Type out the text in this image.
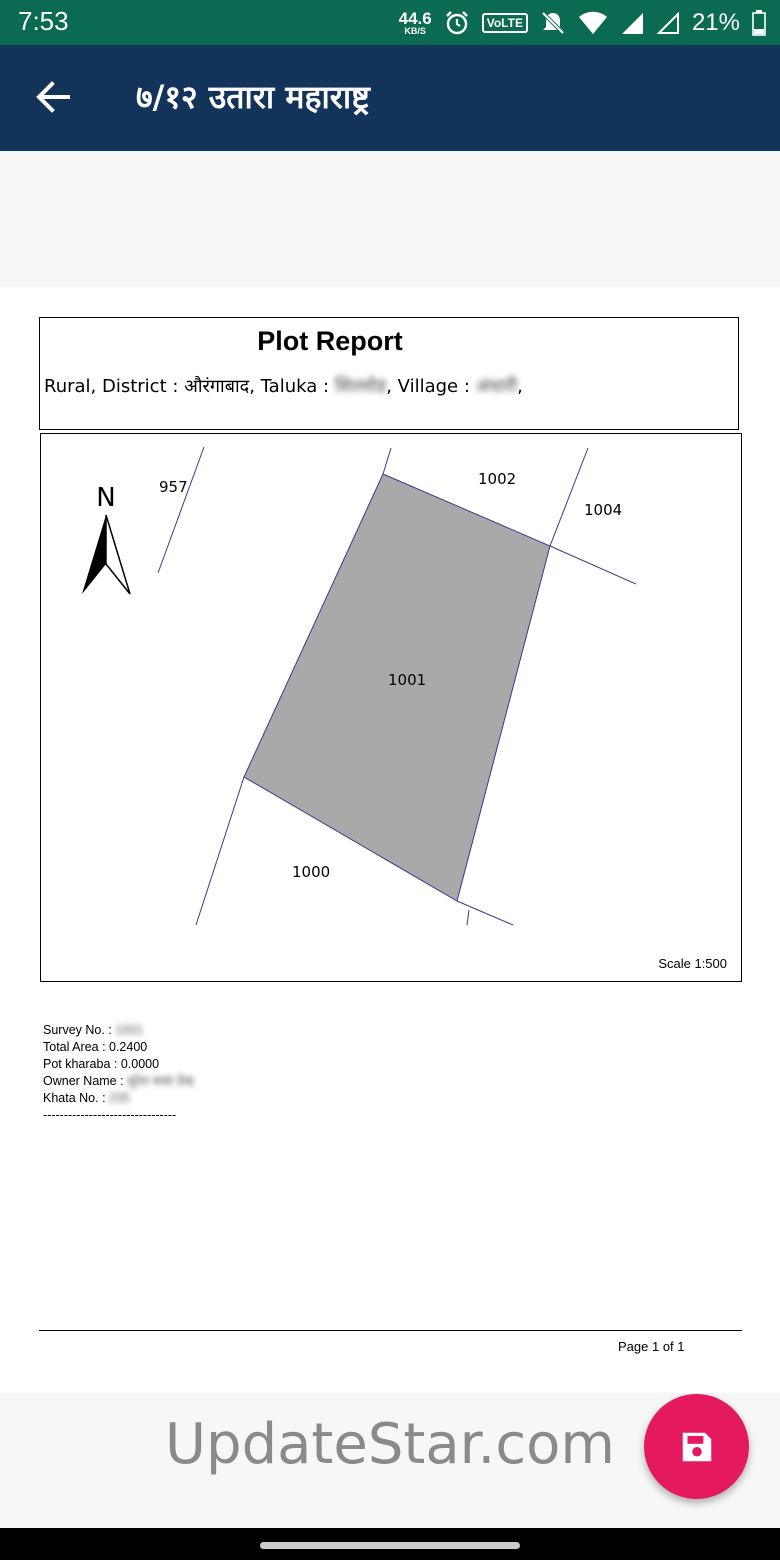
7:53	44.6
KB/S
VoLTE	21%
७/१२ उतारा महाराष्ट्र
Plot Report
Rural, District : औरंगाबाद, Taluka : सिल्लोड, Village : अंधारी,
N	957	1002
1004
1001
1000
Scale 1:500
Survey No. : 1001
Total Area : 0.2400
Pot kharaba : 0.0000
Owner Name : सुरेश बाबा डेव्ह
Khata No. : 235
--------------------------------
Page 1 of 1
UpdateStar.com
